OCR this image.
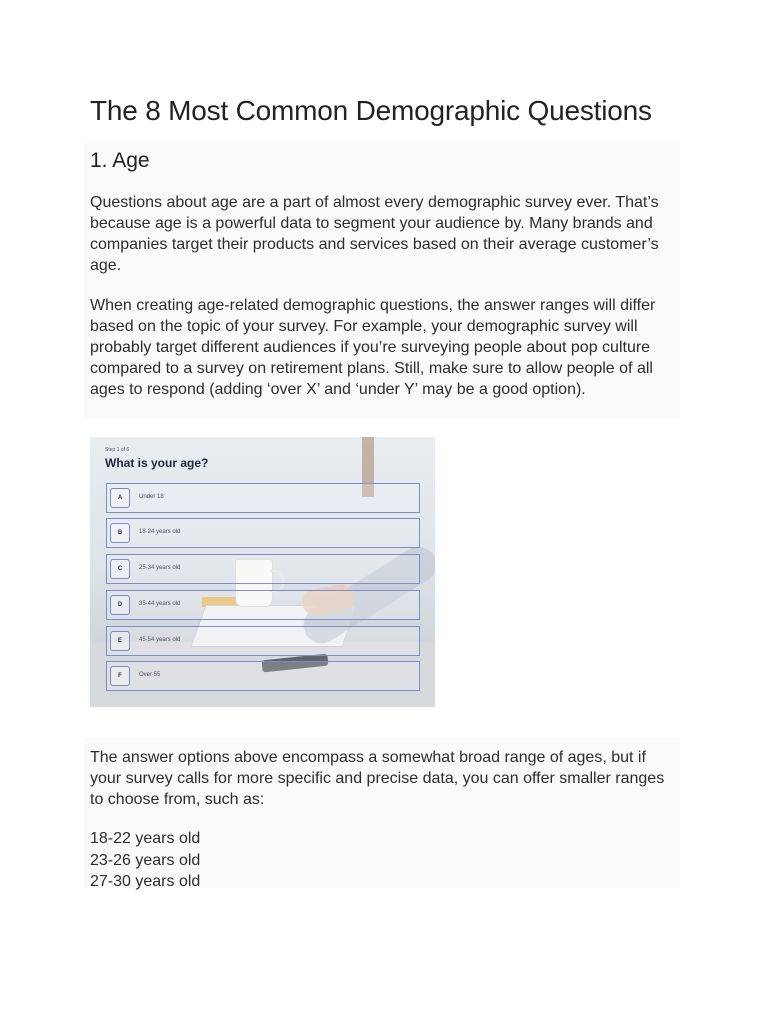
The 8 Most Common Demographic Questions
1. Age

Questions about age are a part of almost every demographic survey ever. That’s because age is a powerful data to segment your audience by. Many brands and companies target their products and services based on their average customer’s age.

When creating age-related demographic questions, the answer ranges will differ based on the topic of your survey. For example, your demographic survey will probably target different audiences if you’re surveying people about pop culture compared to a survey on retirement plans. Still, make sure to allow people of all ages to respond (adding ‘over X’ and ‘under Y’ may be a good option).

Step 1 of 6
What is your age?
A	Under 18
B	18-24 years old
C	25-34 years old
D	35-44 years old
E	45-54 years old
F	Over 55

The answer options above encompass a somewhat broad range of ages, but if your survey calls for more specific and precise data, you can offer smaller ranges to choose from, such as:

18-22 years old
23-26 years old
27-30 years old
